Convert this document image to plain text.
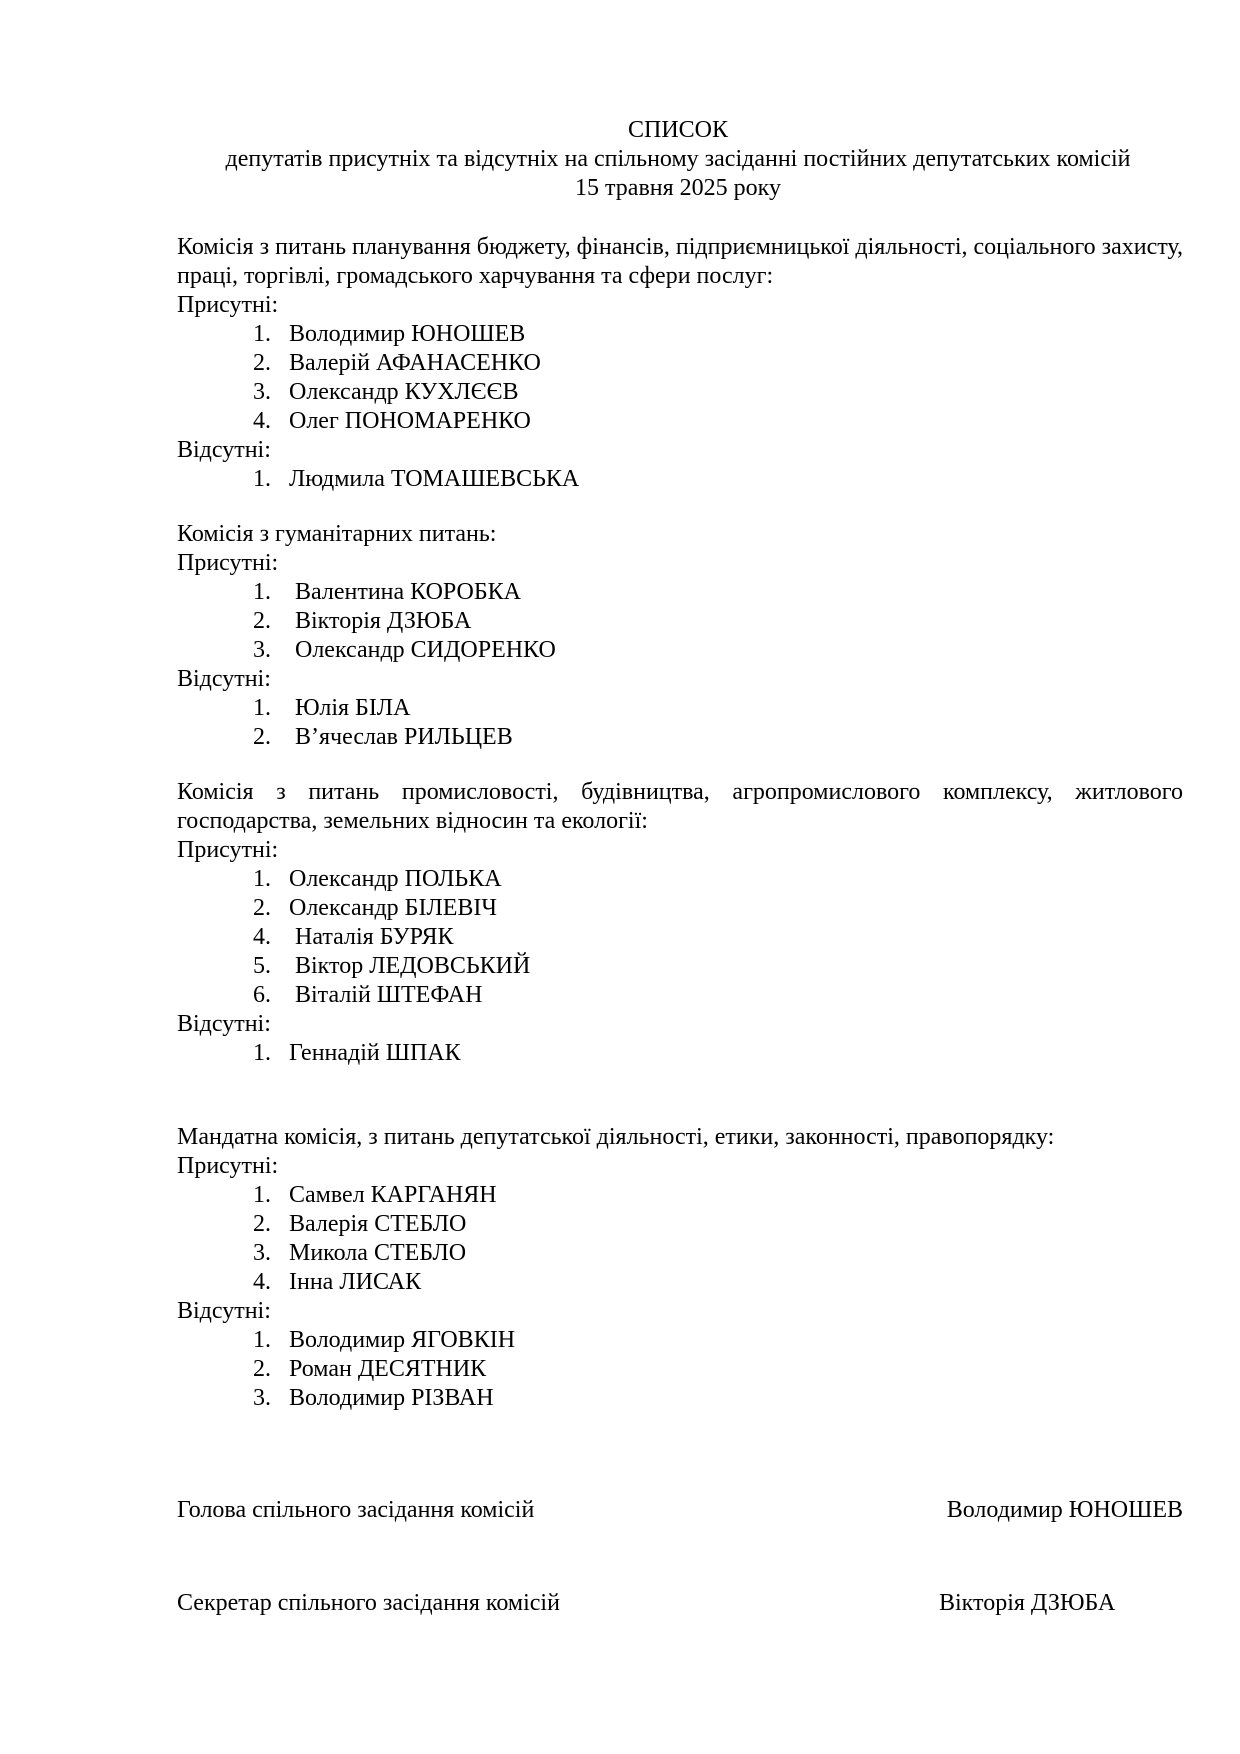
СПИСОК
депутатів присутніх та відсутніх на спільному засіданні постійних депутатських комісій
15 травня 2025 року
Комісія з питань планування бюджету, фінансів, підприємницької діяльності, соціального захисту, праці, торгівлі, громадського харчування та сфери послуг:
Присутні:
1. Володимир ЮНОШЕВ
2. Валерій АФАНАСЕНКО
3. Олександр КУХЛЄЄВ
4. Олег ПОНОМАРЕНКО
Відсутні:
1. Людмила ТОМАШЕВСЬКА
Комісія з гуманітарних питань:
Присутні:
1. Валентина КОРОБКА
2. Вікторія ДЗЮБА
3. Олександр СИДОРЕНКО
Відсутні:
1. Юлія БІЛА
2. В’ячеслав РИЛЬЦЕВ
Комісія з питань промисловості, будівництва, агропромислового комплексу, житлового господарства, земельних відносин та екології:
Присутні:
1. Олександр ПОЛЬКА
2. Олександр БІЛЕВІЧ
4. Наталія БУРЯК
5. Віктор ЛЕДОВСЬКИЙ
6. Віталій ШТЕФАН
Відсутні:
1. Геннадій ШПАК
Мандатна комісія, з питань депутатської діяльності, етики, законності, правопорядку:
Присутні:
1. Самвел КАРГАНЯН
2. Валерія СТЕБЛО
3. Микола СТЕБЛО
4. Інна ЛИСАК
Відсутні:
1. Володимир ЯГОВКІН
2. Роман ДЕСЯТНИК
3. Володимир РІЗВАН
Голова спільного засідання комісій	Володимир ЮНОШЕВ
Секретар спільного засідання комісій	Вікторія ДЗЮБА
